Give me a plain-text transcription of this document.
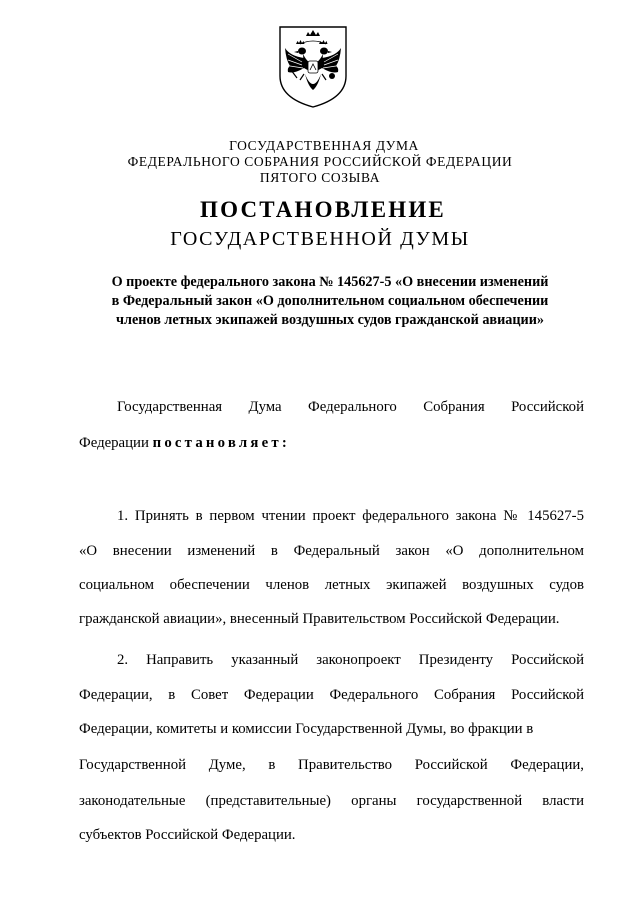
ГОСУДАРСТВЕННАЯ ДУМА
ФЕДЕРАЛЬНОГО СОБРАНИЯ РОССИЙСКОЙ ФЕДЕРАЦИИ
ПЯТОГО СОЗЫВА
ПОСТАНОВЛЕНИЕ
ГОСУДАРСТВЕННОЙ ДУМЫ
О проекте федерального закона № 145627-5 «О внесении изменений
в Федеральный закон «О дополнительном социальном обеспечении
членов летных экипажей воздушных судов гражданской авиации»
Государственная Дума Федерального Собрания Российской
Федерации постановляет:
1. Принять в первом чтении проект федерального закона № 145627-5
«О внесении изменений в Федеральный закон «О дополнительном
социальном обеспечении членов летных экипажей воздушных судов
гражданской авиации», внесенный Правительством Российской Федерации.
2. Направить указанный законопроект Президенту Российской
Федерации, в Совет Федерации Федерального Собрания Российской
Федерации, комитеты и комиссии Государственной Думы, во фракции в
Государственной Думе, в Правительство Российской Федерации,
законодательные (представительные) органы государственной власти
субъектов Российской Федерации.
